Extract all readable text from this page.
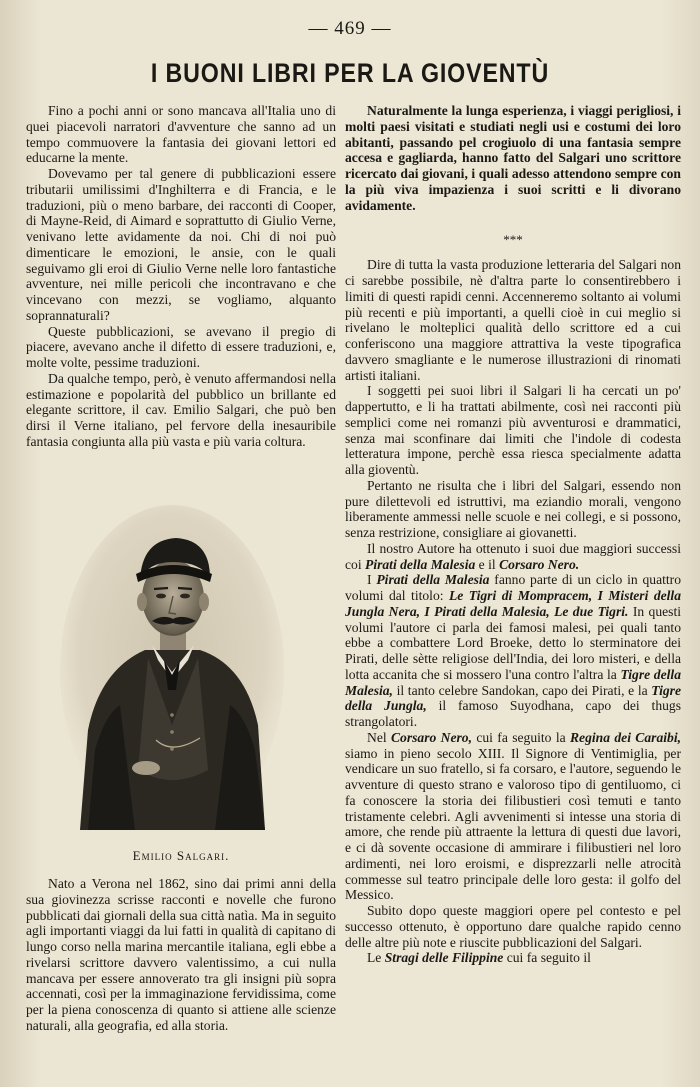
— 469 —
I BUONI LIBRI PER LA GIOVENTÙ

Fino a pochi anni or sono mancava all'Italia uno di quei piacevoli narratori d'avventure che sanno ad un tempo commuovere la fantasia dei giovani lettori ed educarne la mente.

Dovevamo per tal genere di pubblicazioni essere tributarii umilissimi d'Inghilterra e di Francia, e le traduzioni, più o meno barbare, dei racconti di Cooper, di Mayne-Reid, di Aimard e soprattutto di Giulio Verne, venivano lette avidamente da noi. Chi di noi può dimenticare le emozioni, le ansie, con le quali seguivamo gli eroi di Giulio Verne nelle loro fantastiche avventure, nei mille pericoli che incontravano e che vincevano con mezzi, se vogliamo, alquanto soprannaturali?

Queste pubblicazioni, se avevano il pregio di piacere, avevano anche il difetto di essere traduzioni, e, molte volte, pessime traduzioni.

Da qualche tempo, però, è venuto affermandosi nella estimazione e popolarità del pubblico un brillante ed elegante scrittore, il cav. Emilio Salgari, che può ben dirsi il Verne italiano, pel fervore della inesauribile fantasia congiunta alla più vasta e più varia coltura.

Emilio Salgari.

Nato a Verona nel 1862, sino dai primi anni della sua giovinezza scrisse racconti e novelle che furono pubblicati dai giornali della sua città natìa. Ma in seguito agli importanti viaggi da lui fatti in qualità di capitano di lungo corso nella marina mercantile italiana, egli ebbe a rivelarsi scrittore davvero valentissimo, a cui nulla mancava per essere annoverato tra gli insigni più sopra accennati, così per la immaginazione fervidissima, come per la piena conoscenza di quanto si attiene alle scienze naturali, alla geografia, ed alla storia.

Naturalmente la lunga esperienza, i viaggi perigliosi, i molti paesi visitati e studiati negli usi e costumi dei loro abitanti, passando pel crogiuolo di una fantasia sempre accesa e gagliarda, hanno fatto del Salgari uno scrittore ricercato dai giovani, i quali adesso attendono sempre con la più viva impazienza i suoi scritti e li divorano avidamente.

***

Dire di tutta la vasta produzione letteraria del Salgari non ci sarebbe possibile, nè d'altra parte lo consentirebbero i limiti di questi rapidi cenni. Accenneremo soltanto ai volumi più recenti e più importanti, a quelli cioè in cui meglio si rivelano le molteplici qualità dello scrittore ed a cui conferiscono una maggiore attrattiva la veste tipografica davvero smagliante e le numerose illustrazioni di rinomati artisti italiani.

I soggetti pei suoi libri il Salgari li ha cercati un po' dappertutto, e li ha trattati abilmente, così nei racconti più semplici come nei romanzi più avventurosi e drammatici, senza mai sconfinare dai limiti che l'indole di codesta letteratura impone, perchè essa riesca specialmente adatta alla gioventù.

Pertanto ne risulta che i libri del Salgari, essendo non pure dilettevoli ed istruttivi, ma eziandio morali, vengono liberamente ammessi nelle scuole e nei collegi, e si possono, senza restrizione, consigliare ai giovanetti.

Il nostro Autore ha ottenuto i suoi due maggiori successi coi Pirati della Malesia e il Corsaro Nero.

I Pirati della Malesia fanno parte di un ciclo in quattro volumi dal titolo: Le Tigri di Mompracem, I Misteri della Jungla Nera, I Pirati della Malesia, Le due Tigri. In questi volumi l'autore ci parla dei famosi malesi, pei quali tanto ebbe a combattere Lord Broeke, detto lo sterminatore dei Pirati, delle sètte religiose dell'India, dei loro misteri, e della lotta accanita che si mossero l'una contro l'altra la Tigre della Malesia, il tanto celebre Sandokan, capo dei Pirati, e la Tigre della Jungla, il famoso Suyodhana, capo dei thugs strangolatori.

Nel Corsaro Nero, cui fa seguito la Regina dei Caraibi, siamo in pieno secolo XIII. Il Signore di Ventimiglia, per vendicare un suo fratello, si fa corsaro, e l'autore, seguendo le avventure di questo strano e valoroso tipo di gentiluomo, ci fa conoscere la storia dei filibustieri così temuti e tanto tristamente celebri. Agli avvenimenti si intesse una storia di amore, che rende più attraente la lettura di questi due lavori, e ci dà sovente occasione di ammirare i filibustieri nel loro ardimenti, nei loro eroismi, e disprezzarli nelle atrocità commesse sul teatro principale delle loro gesta: il golfo del Messico.

Subito dopo queste maggiori opere pel contesto e pel successo ottenuto, è opportuno dare qualche rapido cenno delle altre più note e riuscite pubblicazioni del Salgari.

Le Stragi delle Filippine cui fa seguito il
